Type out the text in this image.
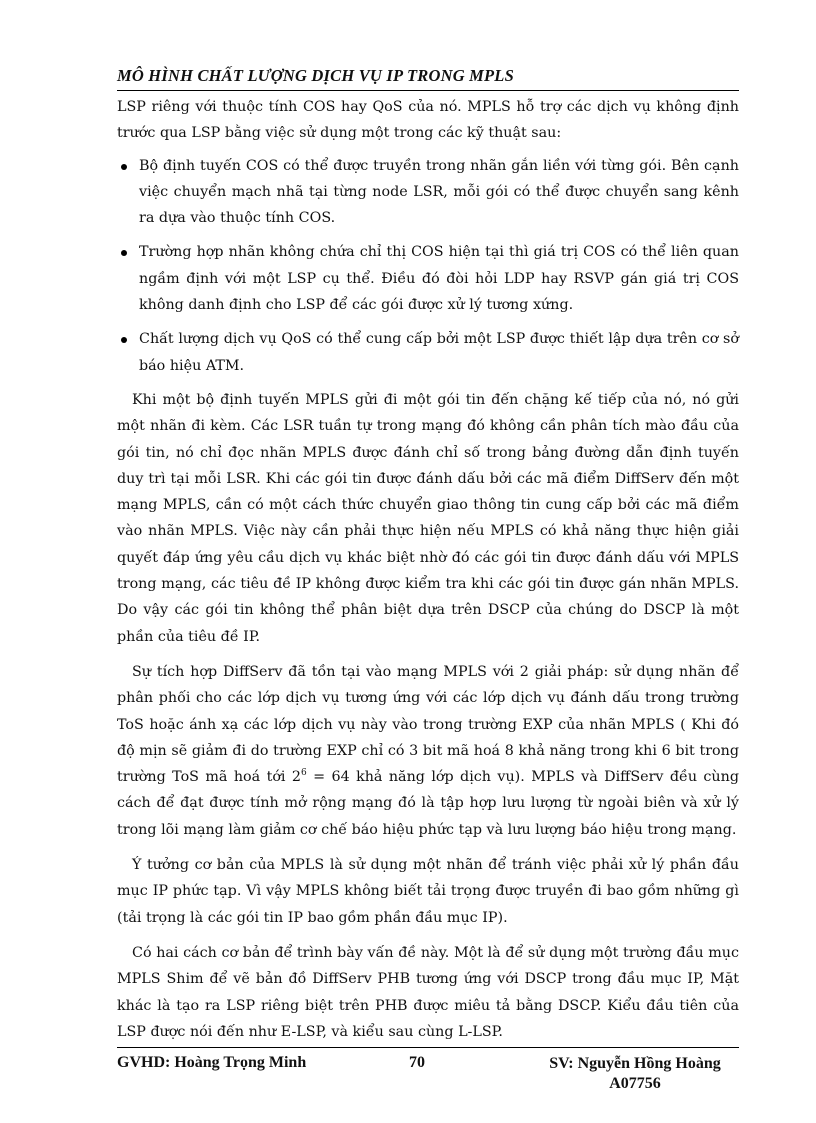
MÔ HÌNH CHẤT LƯỢNG DỊCH VỤ IP TRONG MPLS

LSP riêng với thuộc tính COS hay QoS của nó. MPLS hỗ trợ các dịch vụ không định trước qua LSP bằng việc sử dụng một trong các kỹ thuật sau:

Bộ định tuyến COS có thể được truyền trong nhãn gắn liền với từng gói. Bên cạnh việc chuyển mạch nhã tại từng node LSR, mỗi gói có thể được chuyển sang kênh ra dựa vào thuộc tính COS.
Trường hợp nhãn không chứa chỉ thị COS hiện tại thì giá trị COS có thể liên quan ngầm định với một LSP cụ thể. Điều đó đòi hỏi LDP hay RSVP gán giá trị COS không danh định cho LSP để các gói được xử lý tương xứng.
Chất lượng dịch vụ QoS có thể cung cấp bởi một LSP được thiết lập dựa trên cơ sở báo hiệu ATM.

Khi một bộ định tuyến MPLS gửi đi một gói tin đến chặng kế tiếp của nó, nó gửi một nhãn đi kèm. Các LSR tuần tự trong mạng đó không cần phân tích mào đầu của gói tin, nó chỉ đọc nhãn MPLS được đánh chỉ số trong bảng đường dẫn định tuyến duy trì tại mỗi LSR. Khi các gói tin được đánh dấu bởi các mã điểm DiffServ đến một mạng MPLS, cần có một cách thức chuyển giao thông tin cung cấp bởi các mã điểm vào nhãn MPLS. Việc này cần phải thực hiện nếu MPLS có khả năng thực hiện giải quyết đáp ứng yêu cầu dịch vụ khác biệt nhờ đó các gói tin được đánh dấu với MPLS trong mạng, các tiêu đề IP không được kiểm tra khi các gói tin được gán nhãn MPLS. Do vậy các gói tin không thể phân biệt dựa trên DSCP của chúng do DSCP là một phần của tiêu đề IP.

Sự tích hợp DiffServ đã tồn tại vào mạng MPLS với 2 giải pháp: sử dụng nhãn để phân phối cho các lớp dịch vụ tương ứng với các lớp dịch vụ đánh dấu trong trường ToS hoặc ánh xạ các lớp dịch vụ này vào trong trường EXP của nhãn MPLS ( Khi đó độ mịn sẽ giảm đi do trường EXP chỉ có 3 bit mã hoá 8 khả năng trong khi 6 bit trong trường ToS mã hoá tới $2^6 = 64$ khả năng lớp dịch vụ). MPLS và DiffServ đều cùng cách để đạt được tính mở rộng mạng đó là tập hợp lưu lượng từ ngoài biên và xử lý trong lõi mạng làm giảm cơ chế báo hiệu phức tạp và lưu lượng báo hiệu trong mạng.

Ý tưởng cơ bản của MPLS là sử dụng một nhãn để tránh việc phải xử lý phần đầu mục IP phức tạp. Vì vậy MPLS không biết tải trọng được truyền đi bao gồm những gì (tải trọng là các gói tin IP bao gồm phần đầu mục IP).

Có hai cách cơ bản để trình bày vấn đề này. Một là để sử dụng một trường đầu mục MPLS Shim để vẽ bản đồ DiffServ PHB tương ứng với DSCP trong đầu mục IP, Mặt khác là tạo ra LSP riêng biệt trên PHB được miêu tả bằng DSCP. Kiểu đầu tiên của LSP được nói đến như E-LSP, và kiểu sau cùng L-LSP.

GVHD: Hoàng Trọng Minh	70	SV: Nguyễn Hồng Hoàng
A07756
